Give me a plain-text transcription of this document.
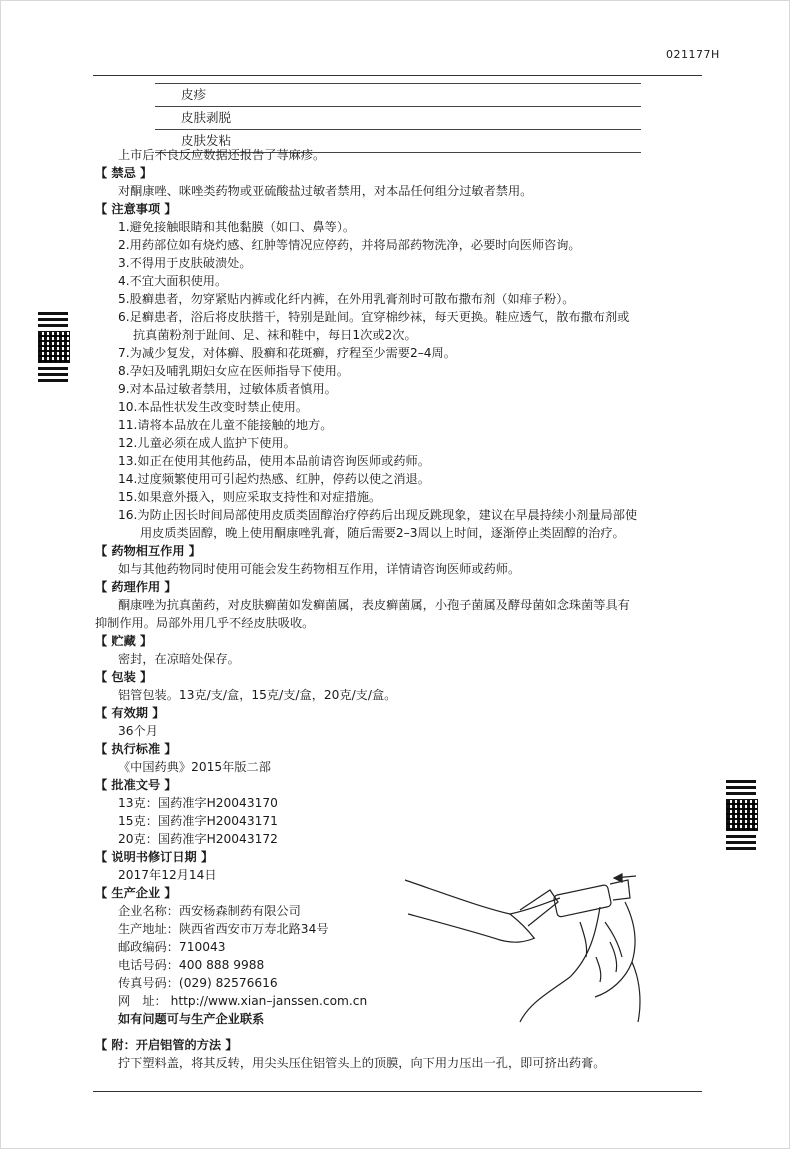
021177H
皮疹
皮肤剥脱
皮肤发粘
上市后不良反应数据还报告了荨麻疹。
【 禁忌 】
对酮康唑、咪唑类药物或亚硫酸盐过敏者禁用，对本品任何组分过敏者禁用。
【 注意事项 】
1.避免接触眼睛和其他黏膜（如口、鼻等）。
2.用药部位如有烧灼感、红肿等情况应停药，并将局部药物洗净，必要时向医师咨询。
3.不得用于皮肤破溃处。
4.不宜大面积使用。
5.股癣患者，勿穿紧贴内裤或化纤内裤，在外用乳膏剂时可散布撒布剂（如痱子粉）。
6.足癣患者，浴后将皮肤揩干，特别是趾间。宜穿棉纱袜，每天更换。鞋应透气，散布撒布剂或
抗真菌粉剂于趾间、足、袜和鞋中，每日1次或2次。
7.为减少复发，对体癣、股癣和花斑癣，疗程至少需要2–4周。
8.孕妇及哺乳期妇女应在医师指导下使用。
9.对本品过敏者禁用，过敏体质者慎用。
10.本品性状发生改变时禁止使用。
11.请将本品放在儿童不能接触的地方。
12.儿童必须在成人监护下使用。
13.如正在使用其他药品，使用本品前请咨询医师或药师。
14.过度频繁使用可引起灼热感、红肿，停药以使之消退。
15.如果意外摄入，则应采取支持性和对症措施。
16.为防止因长时间局部使用皮质类固醇治疗停药后出现反跳现象，建议在早晨持续小剂量局部使
用皮质类固醇，晚上使用酮康唑乳膏，随后需要2–3周以上时间，逐渐停止类固醇的治疗。
【 药物相互作用 】
如与其他药物同时使用可能会发生药物相互作用，详情请咨询医师或药师。
【 药理作用 】
酮康唑为抗真菌药，对皮肤癣菌如发癣菌属，表皮癣菌属，小孢子菌属及酵母菌如念珠菌等具有
抑制作用。局部外用几乎不经皮肤吸收。
【 贮藏 】
密封，在凉暗处保存。
【 包装 】
铝管包装。13克/支/盒，15克/支/盒，20克/支/盒。
【 有效期 】
36个月
【 执行标准 】
《中国药典》2015年版二部
【 批准文号 】
13克：国药准字H20043170
15克：国药准字H20043171
20克：国药准字H20043172
【 说明书修订日期 】
2017年12月14日
【 生产企业 】
企业名称：西安杨森制药有限公司
生产地址：陕西省西安市万寿北路34号
邮政编码：710043
电话号码：400 888 9988
传真号码：(029) 82576616
网　址： http://www.xian–janssen.com.cn
如有问题可与生产企业联系
【 附：开启铝管的方法 】
拧下塑料盖，将其反转，用尖头压住铝管头上的顶膜，向下用力压出一孔，即可挤出药膏。
